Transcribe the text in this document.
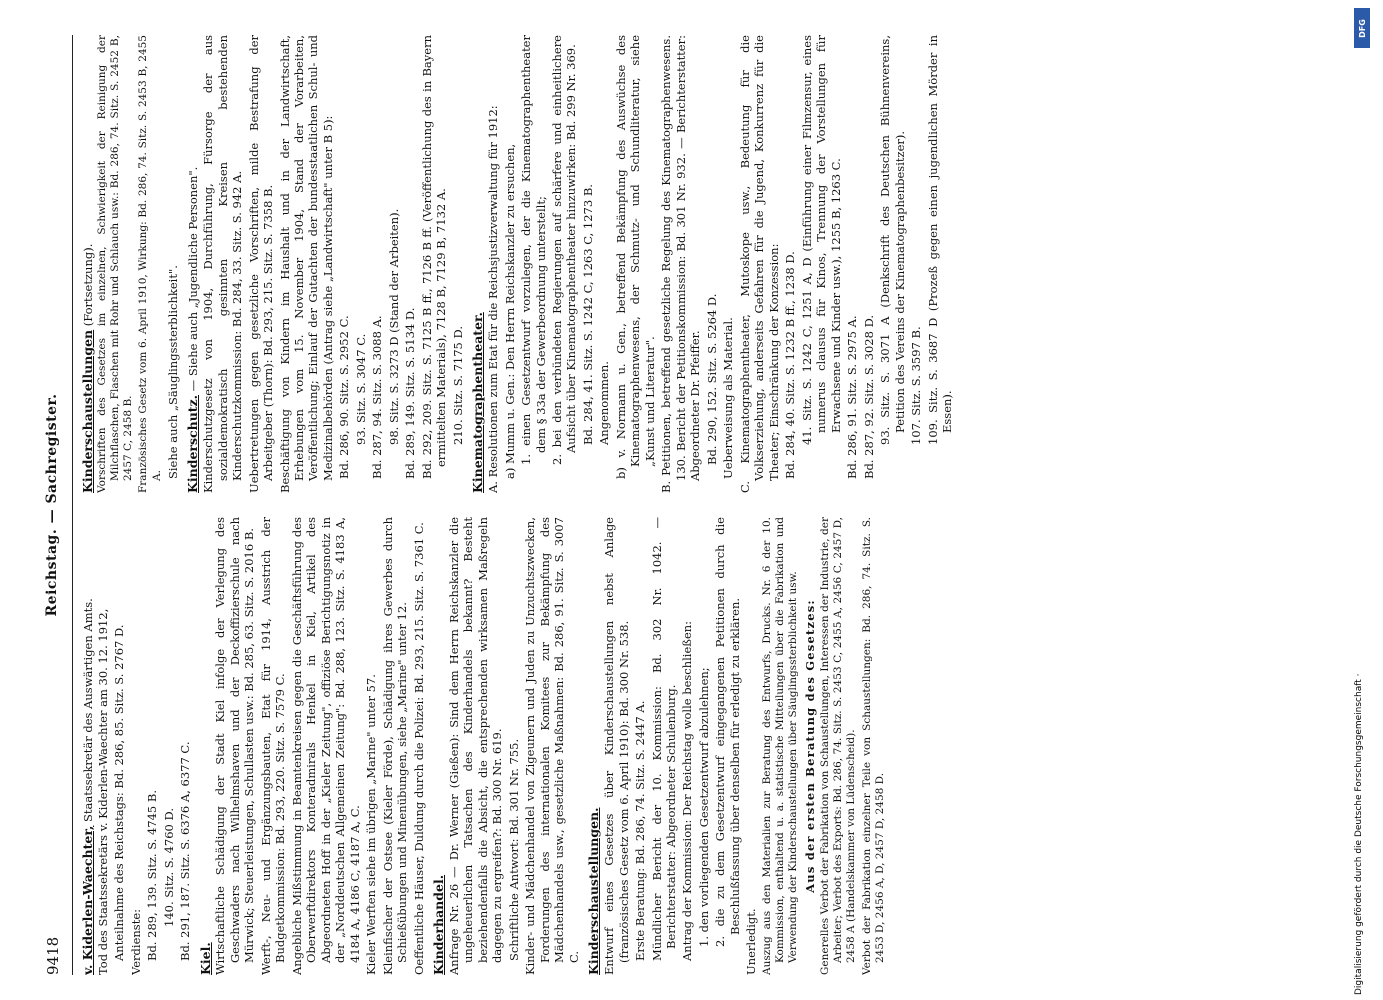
9418
Reichstag. — Sachregister.
v. Kiderlen-Waechter, Staatssekretär des Auswärtigen Amts. Tod des Staatssekretärs v. Kiderlen-Waechter am 30. 12. 1912, Anteilnahme des Reichstags: Bd. 286, 85. Sitz. S. 2767 D. Verdienste: Bd. 289, 139. Sitz. S. 4745 B. 140. Sitz. S. 4760 D. Bd. 291, 187. Sitz. S. 6376 A, 6377 C. Kiel. Wirtschaftliche Schädigung der Stadt Kiel infolge der Verlegung des Geschwaders nach Wilhelmshaven und der Deckoffizierschule nach Mürwick; Steuerleistungen, Schullasten usw.: Bd. 285, 63. Sitz. S. 2016 B. Werft-, Neu- und Ergänzungsbauten, Etat für 1914, Ausstrich der Budgetkommission: Bd. 293, 220. Sitz. S. 7579 C. Angebliche Mißstimmung in Beamtenkreisen gegen die Geschäftsführung des Oberwerftdirektors Konteradmirals Henkel in Kiel, Artikel des Abgeordneten Hoff in der „Kieler Zeitung", offiziöse Berichtigungsnotiz in der „Norddeutschen Allgemeinen Zeitung": Bd. 288, 123. Sitz. S. 4183 A, 4184 A, 4186 C, 4187 A, C. Kieler Werften siehe im übrigen „Marine" unter 57. Kleinfischer der Ostsee (Kieler Förde), Schädigung ihres Gewerbes durch Schießübungen und Minenübungen, siehe „Marine" unter 12. Oeffentliche Häuser, Duldung durch die Polizei: Bd. 293, 215. Sitz. S. 7361 C. Kinderhandel. Anfrage Nr. 26 — Dr. Werner (Gießen): Sind dem Herrn Reichskanzler die ungeheuerlichen Tatsachen des Kinderhandels bekannt? Besteht beziehendenfalls die Absicht, die entsprechenden wirksamen Maßregeln dagegen zu ergreifen?: Bd. 300 Nr. 619. Schriftliche Antwort: Bd. 301 Nr. 755. Kinder- und Mädchenhandel von Zigeunern und Juden zu Unzuchtszwecken, Forderungen des internationalen Komitees zur Bekämpfung des Mädchenhandels usw., gesetzliche Maßnahmen: Bd. 286, 91. Sitz. S. 3007 C. Kinderschaustellungen. Entwurf eines Gesetzes über Kinderschaustellungen nebst Anlage (französisches Gesetz vom 6. April 1910): Bd. 300 Nr. 538. Erste Beratung: Bd. 286, 74. Sitz. S. 2447 A. Mündlicher Bericht der 10. Kommission: Bd. 302 Nr. 1042. — Berichterstatter: Abgeordneter Schulenburg. Antrag der Kommission: Der Reichstag wolle beschließen: 1. den vorliegenden Gesetzentwurf abzulehnen; 2. die zu dem Gesetzentwurf eingegangenen Petitionen durch die Beschlußfassung über denselben für erledigt zu erklären.
Unerledigt. Auszug aus den Materialien zur Beratung des Entwurfs, Drucks. Nr. 6 der 10. Kommission, enthaltend u. a. statistische Mitteilungen über die Fabrikation und Verwendung der Kinderschaustellungen über Säuglingssterblichkeit usw. Aus der ersten Beratung des Gesetzes: Generelles Verbot der Fabrikation von Schaustellungen, Interessen der Industrie, der Arbeiter; Verbot des Exports: Bd. 286, 74. Sitz. S. 2453 C, 2455 A, 2456 C, 2457 D, 2458 A (Handelskammer von Lüdenscheid). Verbot der Fabrikation einzelner Teile von Schaustellungen: Bd. 286, 74. Sitz. S. 2453 D, 2456 A, D, 2457 D, 2458 D.
Kinderschaustellungen (Fortsetzung). Vorschriften des Gesetzes im einzelnen, Schwierigkeit der Reinigung der Milchflaschen, Flaschen mit Rohr und Schlauch usw.: Bd. 286, 74. Sitz. S. 2452 B, 2457 C, 2458 B. Französisches Gesetz vom 6. April 1910, Wirkung: Bd. 286, 74. Sitz. S. 2453 B, 2455 A. Siehe auch „Säuglingssterblichkeit". Kinderschutz. — Siehe auch „Jugendliche Personen". Kinderschutzgesetz von 1904, Durchführung, Fürsorge der aus sozialdemokratisch gesinnten Kreisen bestehenden Kinderschutzkommission: Bd. 284, 33. Sitz. S. 942 A. Uebertretungen gegen gesetzliche Vorschriften, milde Bestrafung der Arbeitgeber (Thorn): Bd. 293, 215. Sitz. S. 7358 B. Beschäftigung von Kindern im Haushalt und in der Landwirtschaft, Erhebungen vom 15. November 1904, Stand der Vorarbeiten, Veröffentlichung; Einlauf der Gutachten der bundesstaatlichen Schul- und Medizinalbehörden (Antrag siehe „Landwirtschaft" unter B 5): Bd. 286, 90. Sitz. S. 2952 C. 93. Sitz. S. 3047 C. Bd. 287, 94. Sitz. S. 3088 A. 98. Sitz. S. 3273 D (Stand der Arbeiten). Bd. 289, 149. Sitz. S. 5134 D. Bd. 292, 209. Sitz. S. 7125 B ff., 7126 B ff. (Veröffentlichung des in Bayern ermittelten Materials), 7128 B, 7129 B, 7132 A. 210. Sitz. S. 7175 D. Kinematographentheater. A. Resolutionen zum Etat für die Reichsjustizverwaltung für 1912: a) Mumm u. Gen.: Den Herrn Reichskanzler zu ersuchen, 1. einen Gesetzentwurf vorzulegen, der die Kinematographentheater dem § 33a der Gewerbeordnung unterstellt; 2. bei den verbündeten Regierungen auf schärfere und einheitlichere Aufsicht über Kinematographentheater hinzuwirken: Bd. 299 Nr. 369. Bd. 284, 41. Sitz. S. 1242 C, 1263 C, 1273 B. Angenommen. b) v. Normann u. Gen., betreffend Bekämpfung des Auswüchse des Kinematographenwesens, der Schmutz- und Schundliteratur, siehe „Kunst und Literatur". B. Petitionen, betreffend gesetzliche Regelung des Kinematographenwesens. 130. Bericht der Petitionskommission: Bd. 301 Nr. 932. — Berichterstatter: Abgeordneter Dr. Pfeiffer. Bd. 290, 152. Sitz. S. 5264 D. Ueberweisung als Material. C. Kinematographentheater, Mutoskope usw., Bedeutung für die Volkserziehung, anderseits Gefahren für die Jugend, Konkurrenz für die Theater; Einschränkung der Konzession: Bd. 284, 40. Sitz. S. 1232 B ff., 1238 D. 41. Sitz. S. 1242 C, 1251 A, D (Einführung einer Filmzensur, eines numerus clausus für Kinos, Trennung der Vorstellungen für Erwachsene und Kinder usw.), 1255 B, 1263 C. Bd. 286, 91. Sitz. S. 2975 A. Bd. 287, 92. Sitz. S. 3028 D. 93. Sitz. S. 3071 A (Denkschrift des Deutschen Bühnenvereins, Petition des Vereins der Kinematographenbesitzer). 107. Sitz. S. 3597 B. 109. Sitz. S. 3687 D (Prozeß gegen einen jugendlichen Mörder in Essen).
Digitalisierung gefördert durch die Deutsche Forschungsgemeinschaft ·
DFG
